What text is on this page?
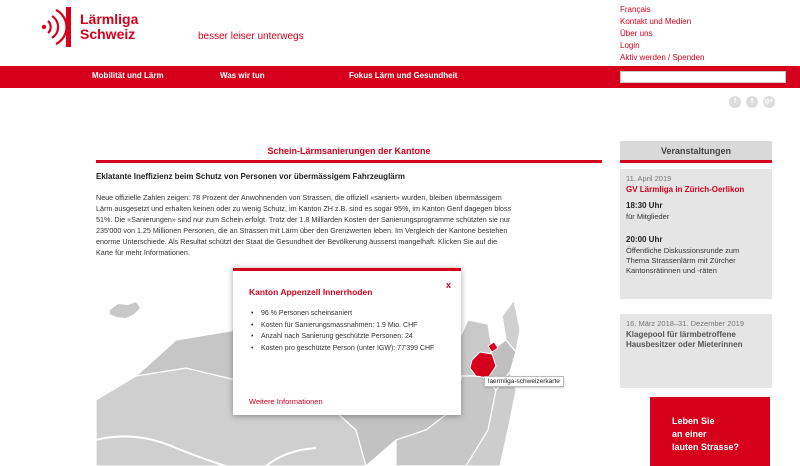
Lärmliga
Schweiz	besser leiser unterwegs
Français
Kontakt und Medien
Über uns
Login
Aktiv werden / Spenden
Mobilität und Lärm	Was wir tun	Fokus Lärm und Gesundheit
f	t	g+
Schein-Lärmsanierungen der Kantone
Eklatante Ineffizienz beim Schutz von Personen vor übermässigem Fahrzeuglärm
Neue offizielle Zahlen zeigen: 78 Prozent der Anwohnenden von Strassen, die offiziell «saniert» wurden, bleiben übermässigem
Lärm ausgesetzt und erhalten keinen oder zu wenig Schutz, im Kanton ZH z.B. sind es sogar 95%, im Kanton Genf dagegen bloss
51%. Die «Sanierungen» sind nur zum Schein erfolgt. Trotz der 1.8 Milliarden Kosten der Sanierungsprogramme schützten sie nur
235'000 von 1.25 Millionen Personen, die an Strassen mit Lärm über den Grenzwerten leben. Im Vergleich der Kantone bestehen
enorme Unterschiede. Als Resultat schützt der Staat die Gesundheit der Bevölkerung äusserst mangelhaft. Klicken Sie auf die
Karte für mehr Informationen.
ganze Schweiz
laermliga-schweizerkarte
Kanton Appenzell Innerrhoden
x
• 96 % Personen scheinsaniert
• Kosten für Sanierungsmassnahmen: 1.9 Mio. CHF
• Anzahl nach Sanierung geschützte Personen: 24
• Kosten pro geschützte Person (unter IGW): 77'399 CHF
Weitere Informationen
Veranstaltungen
11. April 2019
GV Lärmliga in Zürich-Oerlikon
18:30 Uhr
für Mitglieder
20:00 Uhr
Öffentliche Diskussionsrunde zum
Thema Strassenlärm mit Zürcher
Kantonsrätinnen und -räten
16. März 2018–31. Dezember 2019
Klagepool für lärmbetroffene
Hausbesitzer oder Mieterinnen
Leben Sie
an einer
lauten Strasse?
